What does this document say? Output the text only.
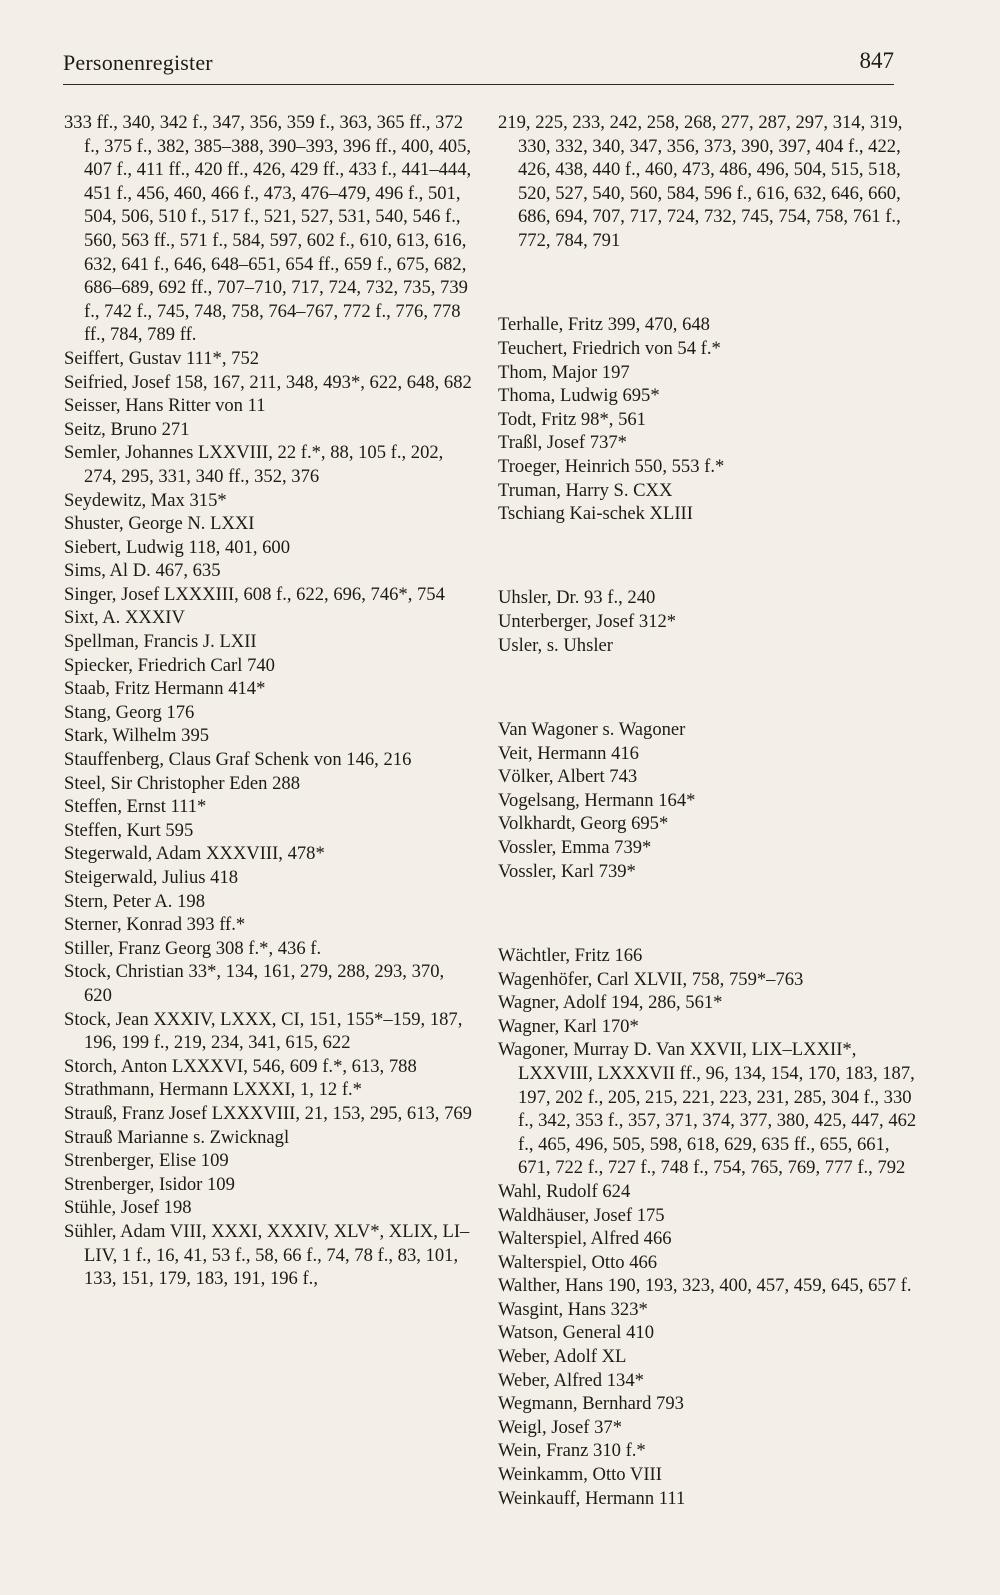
Personenregister	847

333 ff., 340, 342 f., 347, 356, 359 f., 363, 365 ff., 372 f., 375 f., 382, 385–388, 390–393, 396 ff., 400, 405, 407 f., 411 ff., 420 ff., 426, 429 ff., 433 f., 441–444, 451 f., 456, 460, 466 f., 473, 476–479, 496 f., 501, 504, 506, 510 f., 517 f., 521, 527, 531, 540, 546 f., 560, 563 ff., 571 f., 584, 597, 602 f., 610, 613, 616, 632, 641 f., 646, 648–651, 654 ff., 659 f., 675, 682, 686–689, 692 ff., 707–710, 717, 724, 732, 735, 739 f., 742 f., 745, 748, 758, 764–767, 772 f., 776, 778 ff., 784, 789 ff.

Seiffert, Gustav 111*, 752

Seifried, Josef 158, 167, 211, 348, 493*, 622, 648, 682

Seisser, Hans Ritter von 11

Seitz, Bruno 271

Semler, Johannes LXXVIII, 22 f.*, 88, 105 f., 202, 274, 295, 331, 340 ff., 352, 376

Seydewitz, Max 315*

Shuster, George N. LXXI

Siebert, Ludwig 118, 401, 600

Sims, Al D. 467, 635

Singer, Josef LXXXIII, 608 f., 622, 696, 746*, 754

Sixt, A. XXXIV

Spellman, Francis J. LXII

Spiecker, Friedrich Carl 740

Staab, Fritz Hermann 414*

Stang, Georg 176

Stark, Wilhelm 395

Stauffenberg, Claus Graf Schenk von 146, 216

Steel, Sir Christopher Eden 288

Steffen, Ernst 111*

Steffen, Kurt 595

Stegerwald, Adam XXXVIII, 478*

Steigerwald, Julius 418

Stern, Peter A. 198

Sterner, Konrad 393 ff.*

Stiller, Franz Georg 308 f.*, 436 f.

Stock, Christian 33*, 134, 161, 279, 288, 293, 370, 620

Stock, Jean XXXIV, LXXX, CI, 151, 155*–159, 187, 196, 199 f., 219, 234, 341, 615, 622

Storch, Anton LXXXVI, 546, 609 f.*, 613, 788

Strathmann, Hermann LXXXI, 1, 12 f.*

Strauß, Franz Josef LXXXVIII, 21, 153, 295, 613, 769

Strauß Marianne s. Zwicknagl

Strenberger, Elise 109

Strenberger, Isidor 109

Stühle, Josef 198

Sühler, Adam VIII, XXXI, XXXIV, XLV*, XLIX, LI–LIV, 1 f., 16, 41, 53 f., 58, 66 f., 74, 78 f., 83, 101, 133, 151, 179, 183, 191, 196 f.,

219, 225, 233, 242, 258, 268, 277, 287, 297, 314, 319, 330, 332, 340, 347, 356, 373, 390, 397, 404 f., 422, 426, 438, 440 f., 460, 473, 486, 496, 504, 515, 518, 520, 527, 540, 560, 584, 596 f., 616, 632, 646, 660, 686, 694, 707, 717, 724, 732, 745, 754, 758, 761 f., 772, 784, 791

Terhalle, Fritz 399, 470, 648

Teuchert, Friedrich von 54 f.*

Thom, Major 197

Thoma, Ludwig 695*

Todt, Fritz 98*, 561

Traßl, Josef 737*

Troeger, Heinrich 550, 553 f.*

Truman, Harry S. CXX

Tschiang Kai-schek XLIII

Uhsler, Dr. 93 f., 240

Unterberger, Josef 312*

Usler, s. Uhsler

Van Wagoner s. Wagoner

Veit, Hermann 416

Völker, Albert 743

Vogelsang, Hermann 164*

Volkhardt, Georg 695*

Vossler, Emma 739*

Vossler, Karl 739*

Wächtler, Fritz 166

Wagenhöfer, Carl XLVII, 758, 759*–763

Wagner, Adolf 194, 286, 561*

Wagner, Karl 170*

Wagoner, Murray D. Van XXVII, LIX–LXXII*, LXXVIII, LXXXVII ff., 96, 134, 154, 170, 183, 187, 197, 202 f., 205, 215, 221, 223, 231, 285, 304 f., 330 f., 342, 353 f., 357, 371, 374, 377, 380, 425, 447, 462 f., 465, 496, 505, 598, 618, 629, 635 ff., 655, 661, 671, 722 f., 727 f., 748 f., 754, 765, 769, 777 f., 792

Wahl, Rudolf 624

Waldhäuser, Josef 175

Walterspiel, Alfred 466

Walterspiel, Otto 466

Walther, Hans 190, 193, 323, 400, 457, 459, 645, 657 f.

Wasgint, Hans 323*

Watson, General 410

Weber, Adolf XL

Weber, Alfred 134*

Wegmann, Bernhard 793

Weigl, Josef 37*

Wein, Franz 310 f.*

Weinkamm, Otto VIII

Weinkauff, Hermann 111
